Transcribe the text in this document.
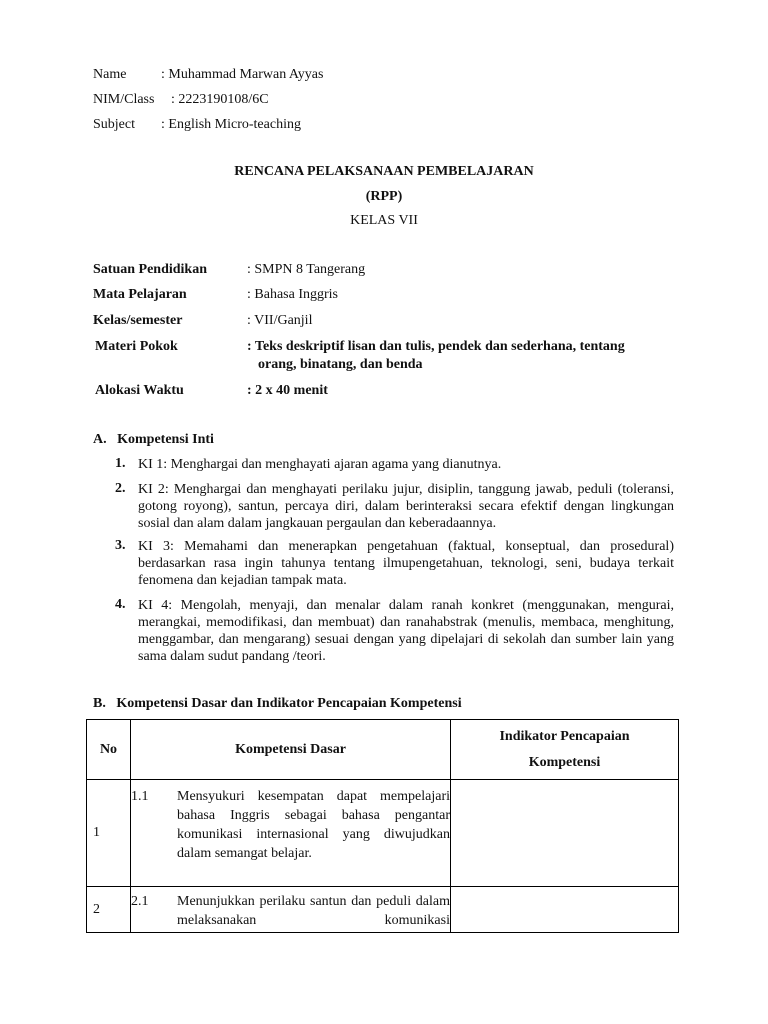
Name : Muhammad Marwan Ayyas
NIM/Class : 2223190108/6C
Subject : English Micro-teaching
RENCANA PELAKSANAAN PEMBELAJARAN
(RPP)
KELAS VII
Satuan Pendidikan	: SMPN 8 Tangerang
Mata Pelajaran	: Bahasa Inggris
Kelas/semester	: VII/Ganjil
Materi Pokok	: Teks deskriptif lisan dan tulis, pendek dan sederhana, tentang
orang, binatang, dan benda
Alokasi Waktu	: 2 x 40 menit
A.   Kompetensi Inti
1. KI 1: Menghargai dan menghayati ajaran agama yang dianutnya.
2. KI 2: Menghargai dan menghayati perilaku jujur, disiplin, tanggung jawab, peduli (toleransi, gotong royong), santun, percaya diri, dalam berinteraksi secara efektif dengan lingkungan sosial dan alam dalam jangkauan pergaulan dan keberadaannya.
3. KI 3: Memahami dan menerapkan pengetahuan (faktual, konseptual, dan prosedural) berdasarkan rasa ingin tahunya tentang ilmupengetahuan, teknologi, seni, budaya terkait fenomena dan kejadian tampak mata.
4. KI 4: Mengolah, menyaji, dan menalar dalam ranah konkret (menggunakan, mengurai, merangkai, memodifikasi, dan membuat) dan ranahabstrak (menulis, membaca, menghitung, menggambar, dan mengarang) sesuai dengan yang dipelajari di sekolah dan sumber lain yang sama dalam sudut pandang /teori.
B.   Kompetensi Dasar dan Indikator Pencapaian Kompetensi
No	Kompetensi Dasar	Indikator Pencapaian
Kompetensi

1	1.1 Mensyukuri kesempatan dapat mempelajari bahasa Inggris sebagai bahasa pengantar komunikasi internasional yang diwujudkan dalam semangat belajar.	

2	2.1 Menunjukkan perilaku santun dan peduli dalam melaksanakan komunikasi	
